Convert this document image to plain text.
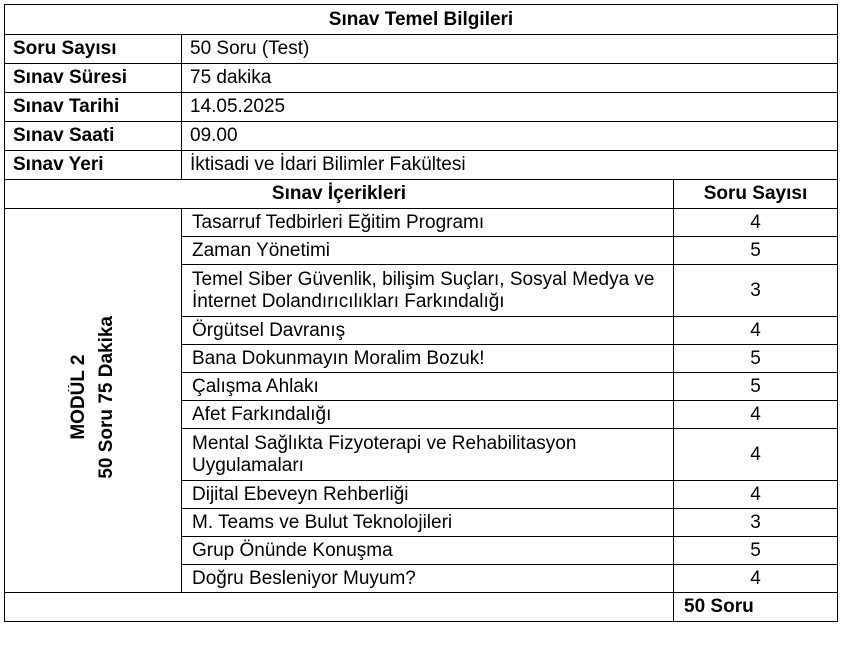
Sınav Temel Bilgileri		
Soru Sayısı	50 Soru (Test)	
Sınav Süresi	75 dakika	
Sınav Tarihi	14.05.2025	
Sınav Saati	09.00	
Sınav Yeri	İktisadi ve İdari Bilimler Fakültesi	
Sınav İçerikleri		Soru Sayısı

MODÜL 2 50 Soru 75 Dakika	Tasarruf Tedbirleri Eğitim Programı	4
	Zaman Yönetimi	5
	Temel Siber Güvenlik, bilişim Suçları, Sosyal Medya ve İnternet Dolandırıcılıkları Farkındalığı	3
	Örgütsel Davranış	4
	Bana Dokunmayın Moralim Bozuk!	5
	Çalışma Ahlakı	5
	Afet Farkındalığı	4
	Mental Sağlıkta Fizyoterapi ve Rehabilitasyon Uygulamaları	4
	Dijital Ebeveyn Rehberliği	4
	M. Teams ve Bulut Teknolojileri	3
	Grup Önünde Konuşma	5
	Doğru Besleniyor Muyum?	4
		50 Soru
